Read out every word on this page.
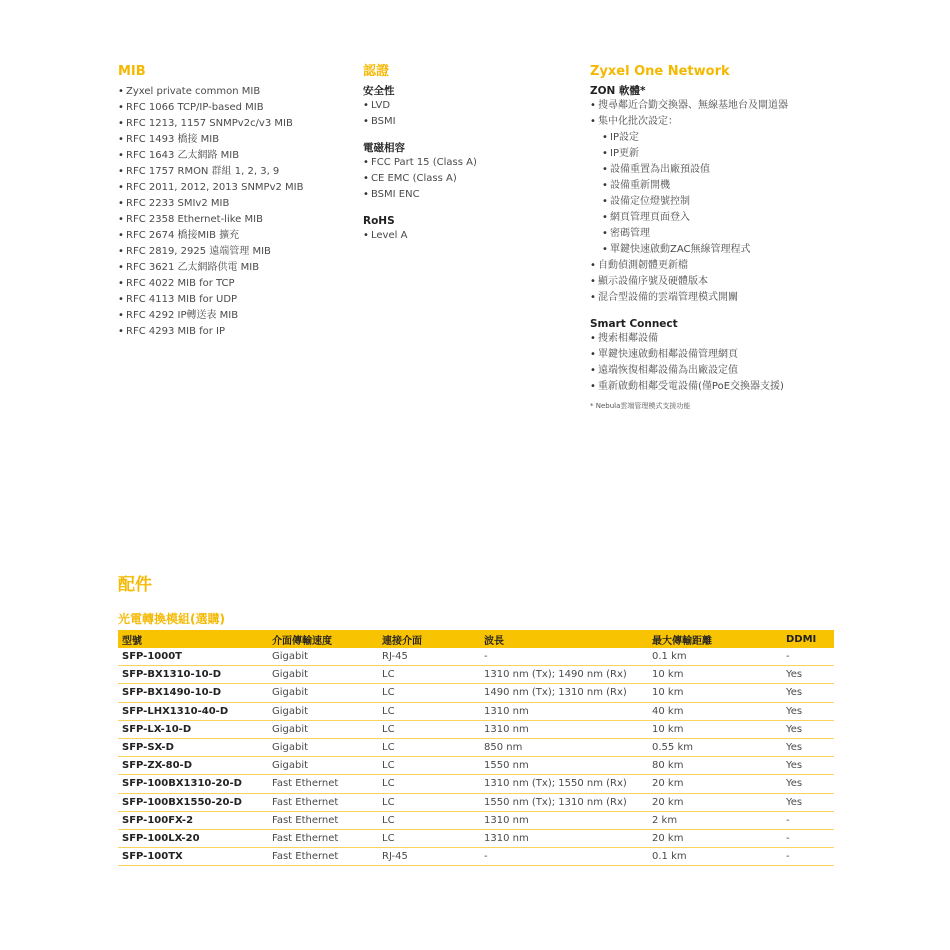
MIB
• Zyxel private common MIB
• RFC 1066 TCP/IP-based MIB
• RFC 1213, 1157 SNMPv2c/v3 MIB
• RFC 1493 橋接 MIB
• RFC 1643 乙太網路 MIB
• RFC 1757 RMON 群組 1, 2, 3, 9
• RFC 2011, 2012, 2013 SNMPv2 MIB
• RFC 2233 SMIv2 MIB
• RFC 2358 Ethernet-like MIB
• RFC 2674 橋接MIB 擴充
• RFC 2819, 2925 遠端管理 MIB
• RFC 3621 乙太網路供電 MIB
• RFC 4022 MIB for TCP
• RFC 4113 MIB for UDP
• RFC 4292 IP轉送表 MIB
• RFC 4293 MIB for IP
認證
安全性
• LVD
• BSMI
電磁相容
• FCC Part 15 (Class A)
• CE EMC (Class A)
• BSMI ENC
RoHS
• Level A
Zyxel One Network
ZON 軟體*
• 搜尋鄰近合勤交換器、無線基地台及閘道器
• 集中化批次設定：
• IP設定
• IP更新
• 設備重置為出廠預設值
• 設備重新開機
• 設備定位燈號控制
• 網頁管理頁面登入
• 密碼管理
• 單鍵快速啟動ZAC無線管理程式
• 自動偵測韌體更新檔
• 顯示設備序號及硬體版本
• 混合型設備的雲端管理模式開關
Smart Connect
• 搜索相鄰設備
• 單鍵快速啟動相鄰設備管理網頁
• 遠端恢復相鄰設備為出廠設定值
• 重新啟動相鄰受電設備(僅PoE交換器支援)
* Nebula雲端管理模式支援功能
配件
光電轉換模組(選購)
型號	介面傳輸速度	連接介面	波長	最大傳輸距離	DDMI
SFP-1000T	Gigabit	RJ-45	-	0.1 km	-
SFP-BX1310-10-D	Gigabit	LC	1310 nm (Tx); 1490 nm (Rx)	10 km	Yes
SFP-BX1490-10-D	Gigabit	LC	1490 nm (Tx); 1310 nm (Rx)	10 km	Yes
SFP-LHX1310-40-D	Gigabit	LC	1310 nm	40 km	Yes
SFP-LX-10-D	Gigabit	LC	1310 nm	10 km	Yes
SFP-SX-D	Gigabit	LC	850 nm	0.55 km	Yes
SFP-ZX-80-D	Gigabit	LC	1550 nm	80 km	Yes
SFP-100BX1310-20-D	Fast Ethernet	LC	1310 nm (Tx); 1550 nm (Rx)	20 km	Yes
SFP-100BX1550-20-D	Fast Ethernet	LC	1550 nm (Tx); 1310 nm (Rx)	20 km	Yes
SFP-100FX-2	Fast Ethernet	LC	1310 nm	2 km	-
SFP-100LX-20	Fast Ethernet	LC	1310 nm	20 km	-
SFP-100TX	Fast Ethernet	RJ-45	-	0.1 km	-
